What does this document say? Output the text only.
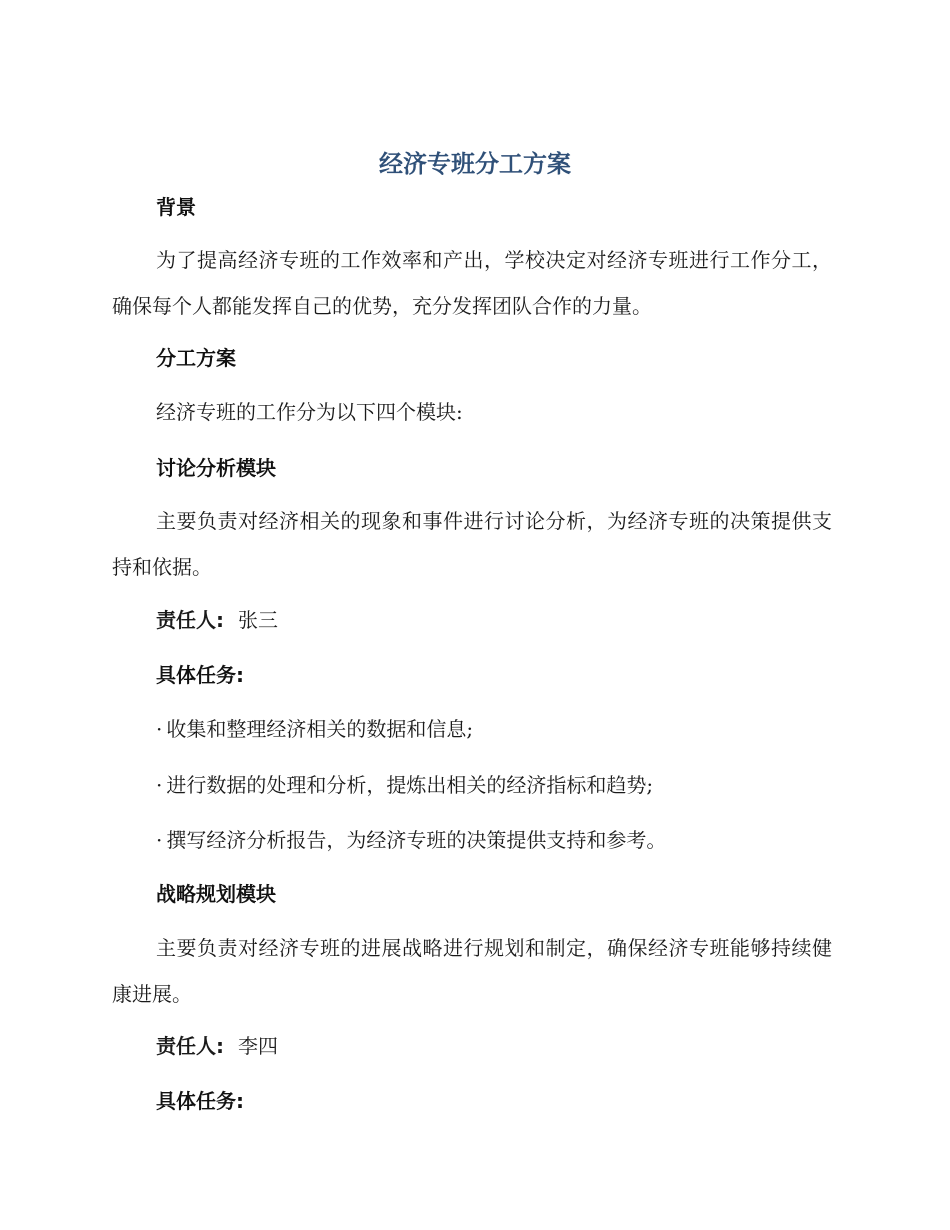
经济专班分工方案
背景

为了提高经济专班的工作效率和产出，学校决定对经济专班进行工作分工，确保每个人都能发挥自己的优势，充分发挥团队合作的力量。

分工方案
经济专班的工作分为以下四个模块:
讨论分析模块

主要负责对经济相关的现象和事件进行讨论分析，为经济专班的决策提供支持和依据。

责任人: 张三
具体任务:
· 收集和整理经济相关的数据和信息;
· 进行数据的处理和分析，提炼出相关的经济指标和趋势;
· 撰写经济分析报告，为经济专班的决策提供支持和参考。
战略规划模块

主要负责对经济专班的进展战略进行规划和制定，确保经济专班能够持续健康进展。

责任人: 李四
具体任务:
